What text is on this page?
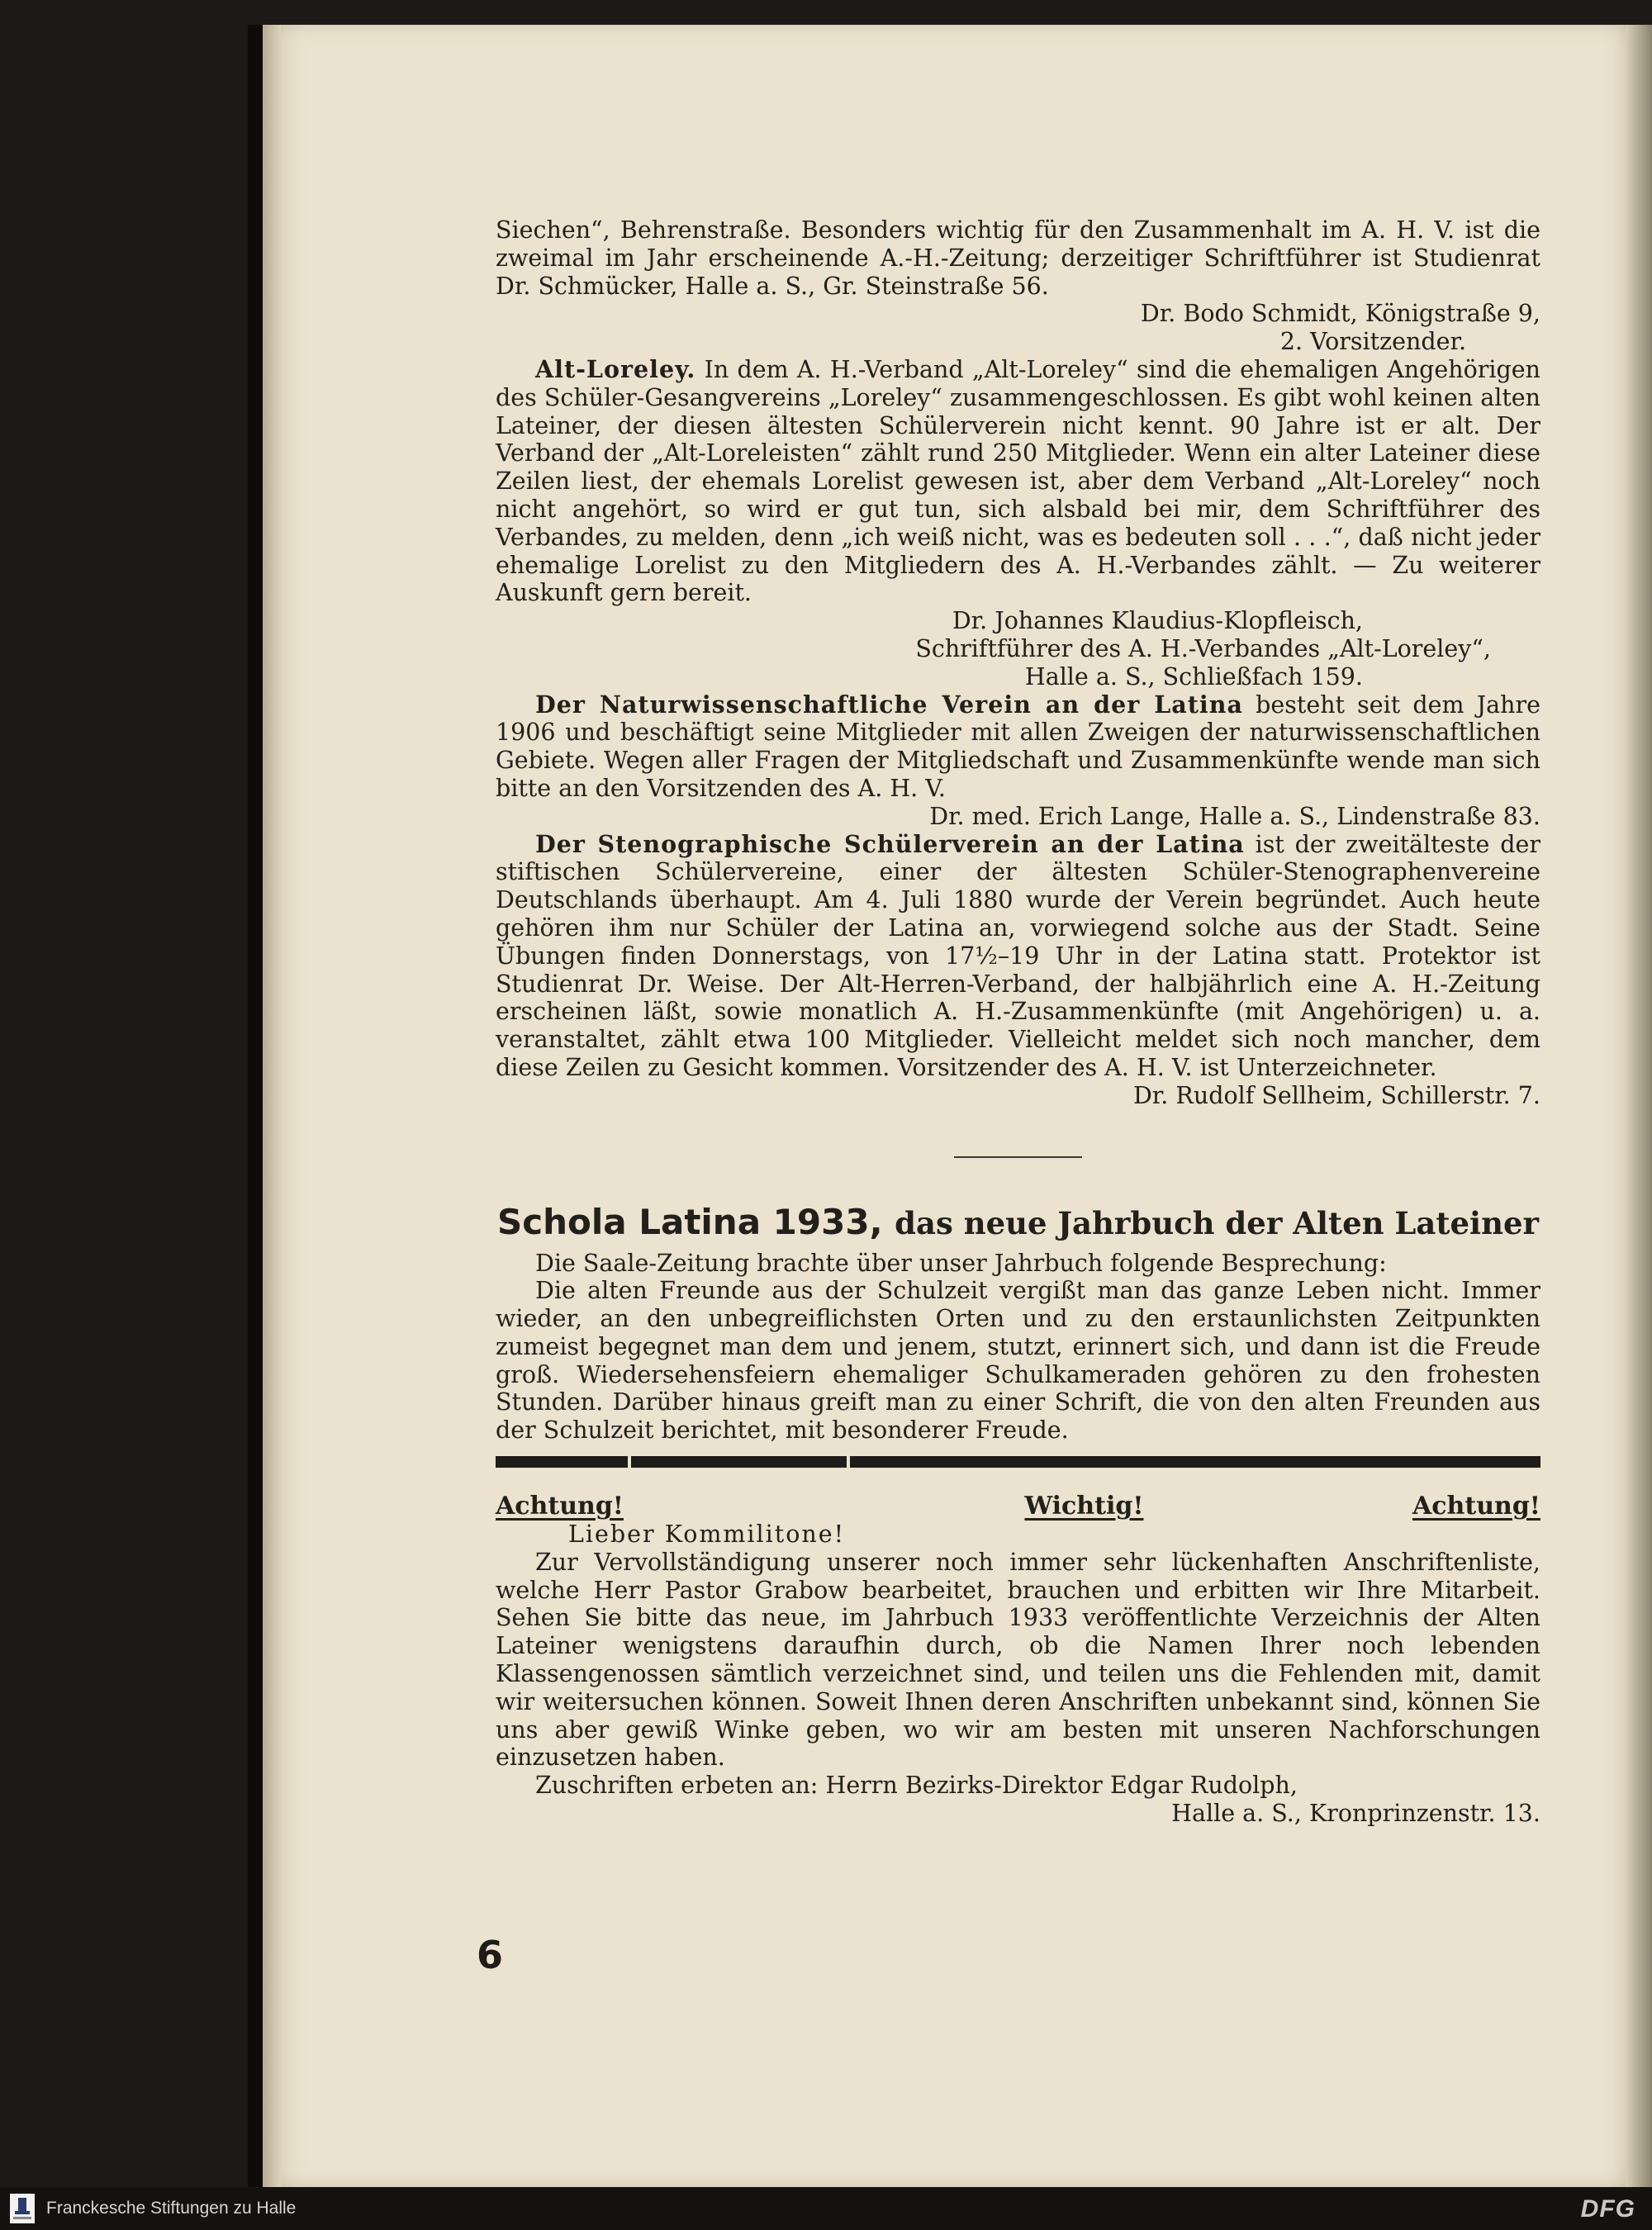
Siechen“, Behrenstraße. Besonders wichtig für den Zusammenhalt im A. H. V. ist die zweimal im Jahr erscheinende A.-H.-Zeitung; derzeitiger Schriftführer ist Studienrat Dr. Schmücker, Halle a. S., Gr. Steinstraße 56.

Dr. Bodo Schmidt, Königstraße 9,

2. Vorsitzender.

Alt-Loreley. In dem A. H.-Verband „Alt-Loreley“ sind die ehemaligen Angehörigen des Schüler-Gesangvereins „Loreley“ zusammengeschlossen. Es gibt wohl keinen alten Lateiner, der diesen ältesten Schülerverein nicht kennt. 90 Jahre ist er alt. Der Verband der „Alt-Loreleisten“ zählt rund 250 Mitglieder. Wenn ein alter Lateiner diese Zeilen liest, der ehemals Lorelist gewesen ist, aber dem Verband „Alt-Loreley“ noch nicht angehört, so wird er gut tun, sich alsbald bei mir, dem Schriftführer des Verbandes, zu melden, denn „ich weiß nicht, was es bedeuten soll . . .“, daß nicht jeder ehemalige Lorelist zu den Mitgliedern des A. H.-Verbandes zählt. — Zu weiterer Auskunft gern bereit.

Dr. Johannes Klaudius-Klopfleisch,

Schriftführer des A. H.-Verbandes „Alt-Loreley“,

Halle a. S., Schließfach 159.

Der Naturwissenschaftliche Verein an der Latina besteht seit dem Jahre 1906 und beschäftigt seine Mitglieder mit allen Zweigen der naturwissenschaftlichen Gebiete. Wegen aller Fragen der Mitgliedschaft und Zusammenkünfte wende man sich bitte an den Vorsitzenden des A. H. V.

Dr. med. Erich Lange, Halle a. S., Lindenstraße 83.

Der Stenographische Schülerverein an der Latina ist der zweitälteste der stiftischen Schülervereine, einer der ältesten Schüler-Stenographenvereine Deutschlands überhaupt. Am 4. Juli 1880 wurde der Verein begründet. Auch heute gehören ihm nur Schüler der Latina an, vorwiegend solche aus der Stadt. Seine Übungen finden Donnerstags, von 17½–19 Uhr in der Latina statt. Protektor ist Studienrat Dr. Weise. Der Alt-Herren-Verband, der halbjährlich eine A. H.-Zeitung erscheinen läßt, sowie monatlich A. H.-Zusammenkünfte (mit Angehörigen) u. a. veranstaltet, zählt etwa 100 Mitglieder. Vielleicht meldet sich noch mancher, dem diese Zeilen zu Gesicht kommen. Vorsitzender des A. H. V. ist Unterzeichneter.

Dr. Rudolf Sellheim, Schillerstr. 7.

Schola Latina 1933, das neue Jahrbuch der Alten Lateiner

Die Saale-Zeitung brachte über unser Jahrbuch folgende Besprechung:

Die alten Freunde aus der Schulzeit vergißt man das ganze Leben nicht. Immer wieder, an den unbegreiflichsten Orten und zu den erstaunlichsten Zeitpunkten zumeist begegnet man dem und jenem, stutzt, erinnert sich, und dann ist die Freude groß. Wiedersehensfeiern ehemaliger Schulkameraden gehören zu den frohesten Stunden. Darüber hinaus greift man zu einer Schrift, die von den alten Freunden aus der Schulzeit berichtet, mit besonderer Freude.

Achtung!	Wichtig!	Achtung!

Lieber Kommilitone!

Zur Vervollständigung unserer noch immer sehr lückenhaften Anschriftenliste, welche Herr Pastor Grabow bearbeitet, brauchen und erbitten wir Ihre Mitarbeit. Sehen Sie bitte das neue, im Jahrbuch 1933 veröffentlichte Verzeichnis der Alten Lateiner wenigstens daraufhin durch, ob die Namen Ihrer noch lebenden Klassengenossen sämtlich verzeichnet sind, und teilen uns die Fehlenden mit, damit wir weitersuchen können. Soweit Ihnen deren Anschriften unbekannt sind, können Sie uns aber gewiß Winke geben, wo wir am besten mit unseren Nachforschungen einzusetzen haben.

Zuschriften erbeten an: Herrn Bezirks-Direktor Edgar Rudolph,

Halle a. S., Kronprinzenstr. 13.

6
Franckesche Stiftungen zu Halle	DFG
